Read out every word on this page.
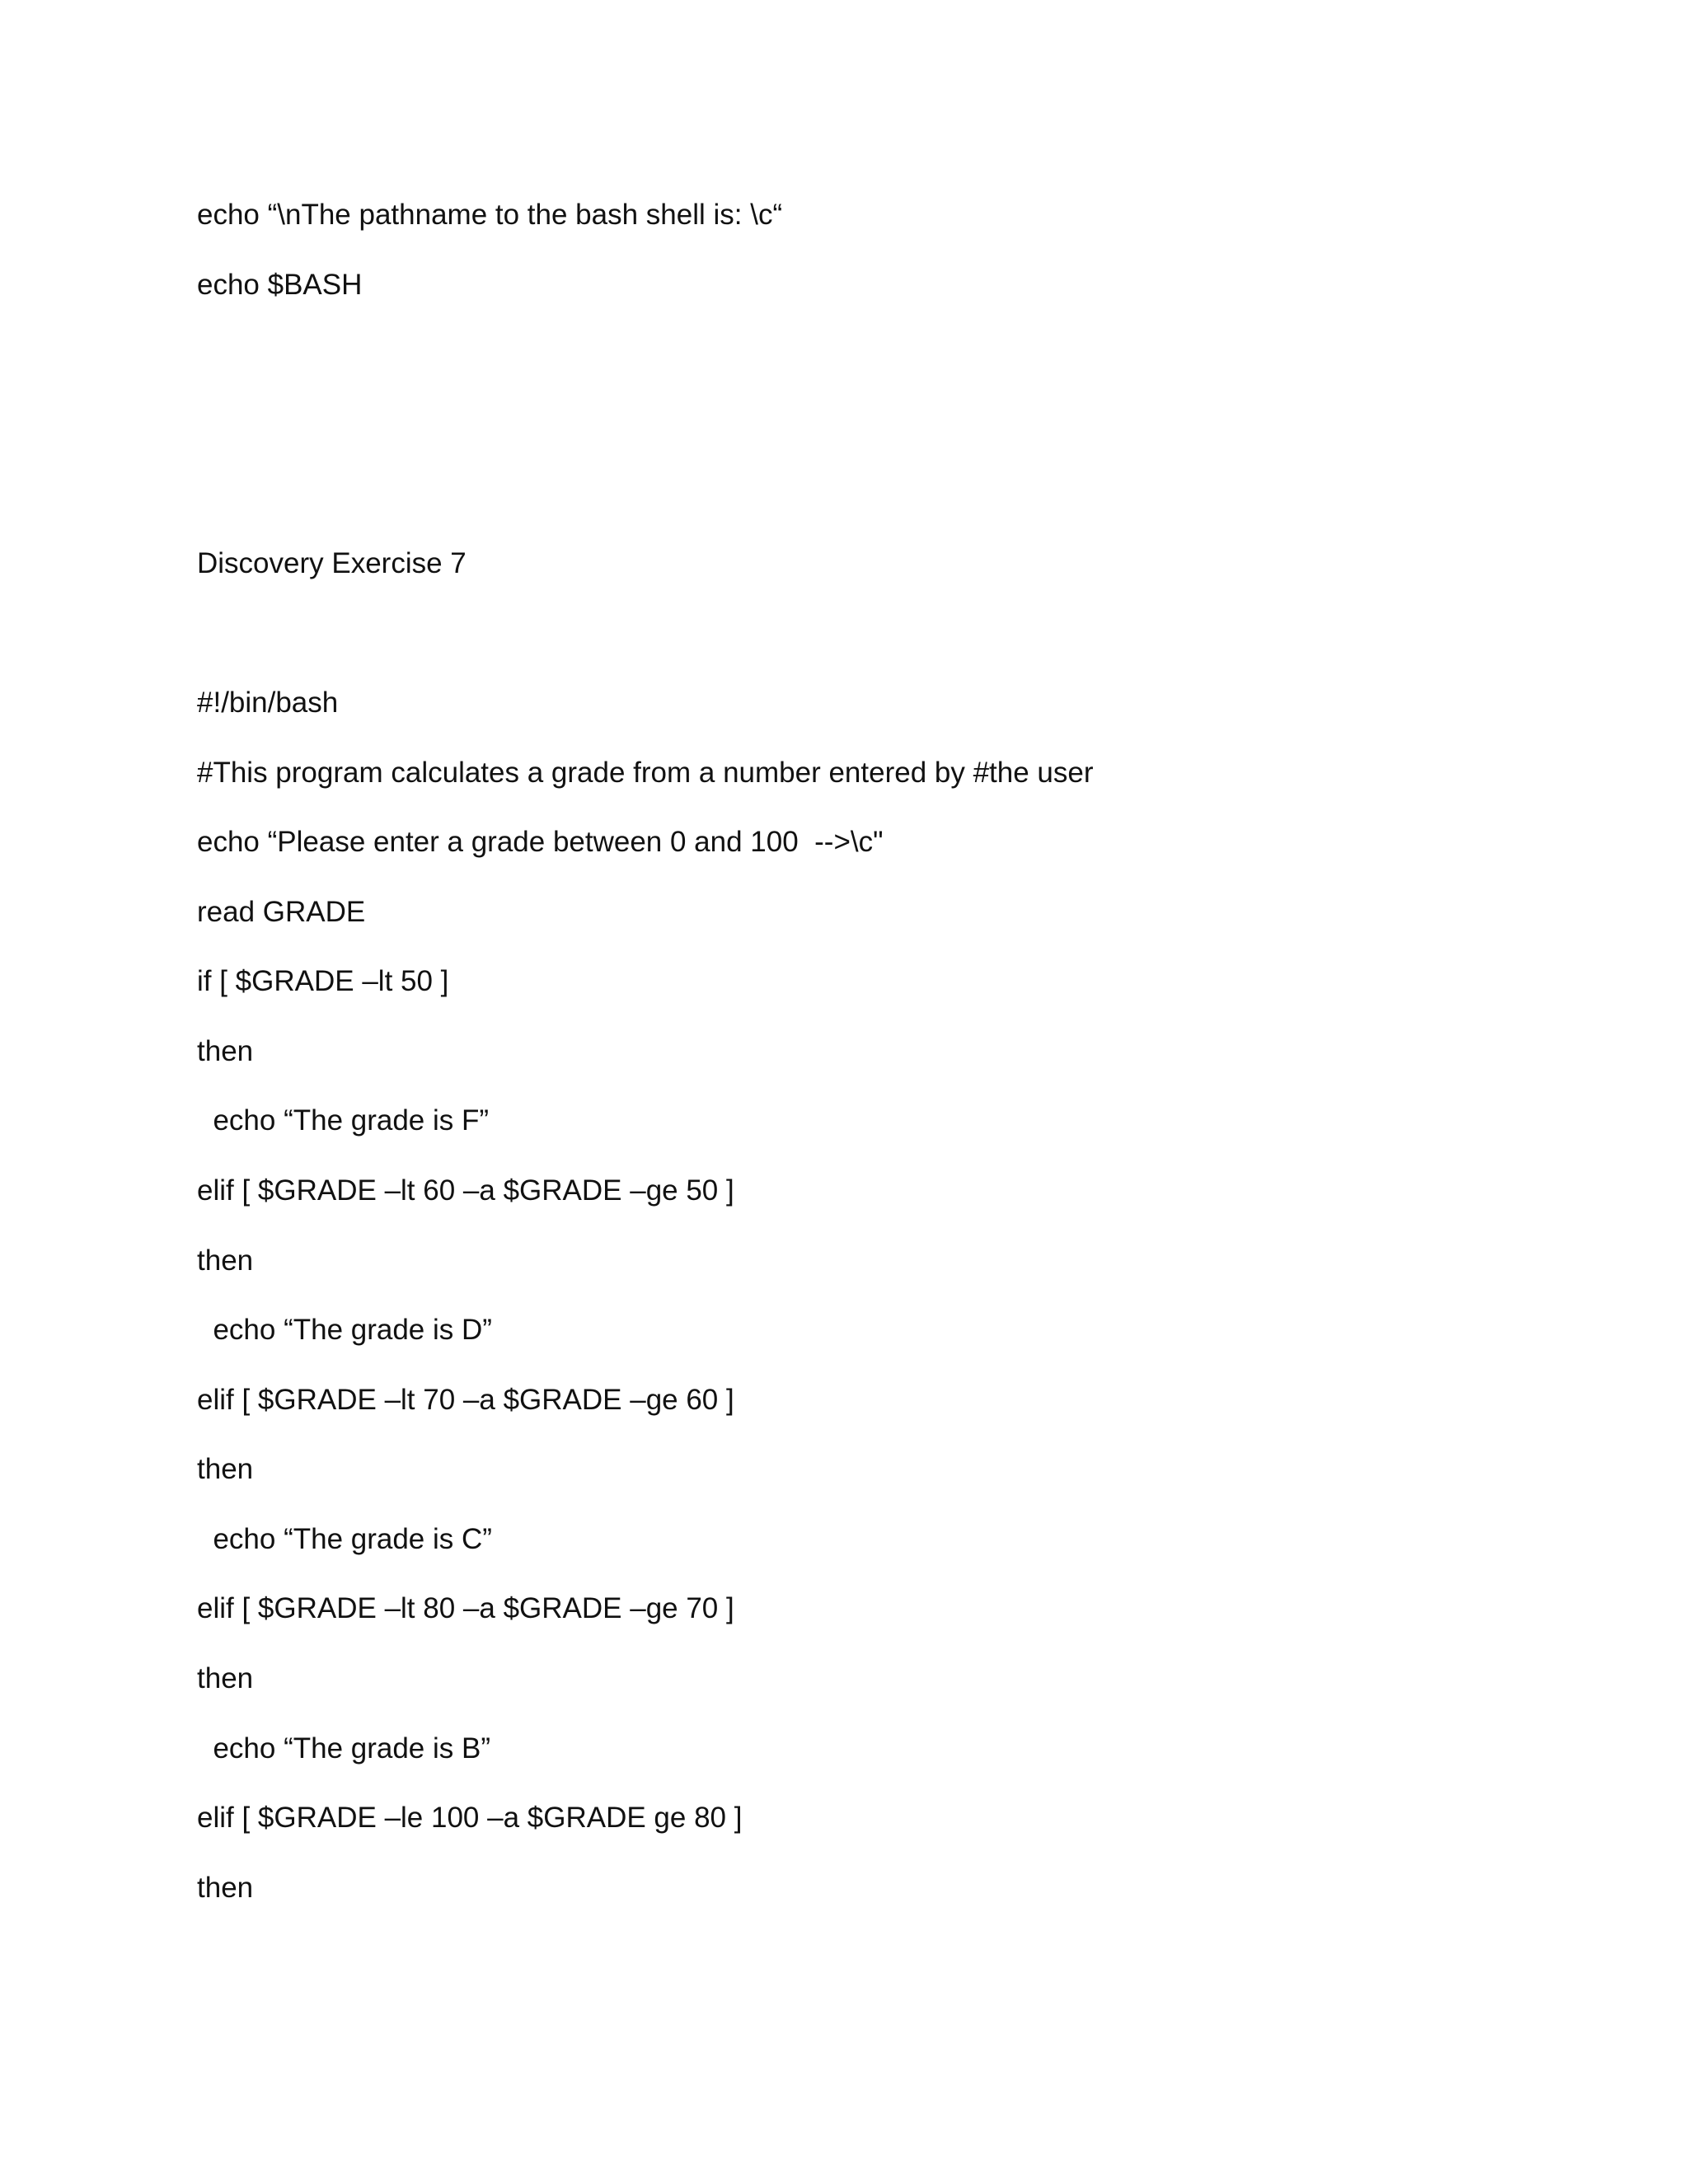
echo “\nThe pathname to the bash shell is: \c“
echo $BASH
Discovery Exercise 7
#!/bin/bash
#This program calculates a grade from a number entered by #the user
echo “Please enter a grade between 0 and 100  -->\c"
read GRADE
if [ $GRADE –lt 50 ]
then
echo “The grade is F”
elif [ $GRADE –lt 60 –a $GRADE –ge 50 ]
then
echo “The grade is D”
elif [ $GRADE –lt 70 –a $GRADE –ge 60 ]
then
echo “The grade is C”
elif [ $GRADE –lt 80 –a $GRADE –ge 70 ]
then
echo “The grade is B”
elif [ $GRADE –le 100 –a $GRADE ge 80 ]
then
